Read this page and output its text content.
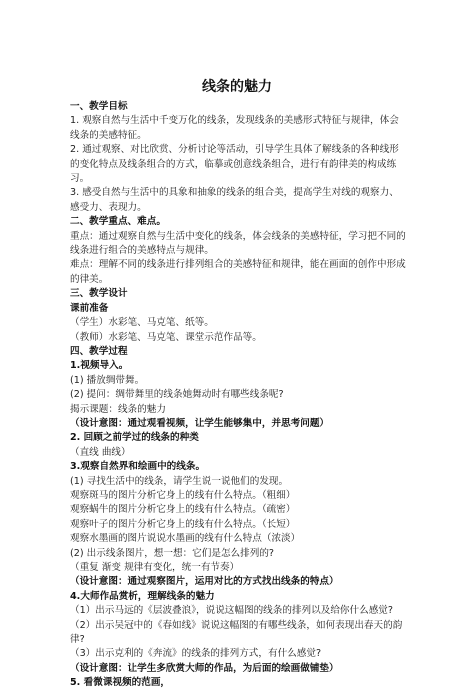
线条的魅力
一、教学目标
1. 观察自然与生活中千变万化的线条，发现线条的美感形式特征与规律，体会
线条的美感特征。
2. 通过观察、对比欣赏、分析讨论等活动，引导学生具体了解线条的各种线形
的变化特点及线条组合的方式，临摹或创意线条组合，进行有韵律美的构成练
习。
3. 感受自然与生活中的具象和抽象的线条的组合美，提高学生对线的观察力、
感受力、表现力。
二、教学重点、难点。
重点：通过观察自然与生活中变化的线条，体会线条的美感特征，学习把不同的
线条进行组合的美感特点与规律。
难点：理解不同的线条进行排列组合的美感特征和规律，能在画面的创作中形成
的律美。
三、教学设计
课前准备
（学生）水彩笔、马克笔、纸等。
（教师）水彩笔、马克笔、课堂示范作品等。
四、教学过程
1.视频导入。
(1) 播放绸带舞。
(2) 提问：绸带舞里的线条她舞动时有哪些线条呢?
揭示课题：线条的魅力
（设计意图：通过观看视频，让学生能够集中，并思考问题）
2. 回顾之前学过的线条的种类
（直线 曲线）
3.观察自然界和绘画中的线条。
(1) 寻找生活中的线条，请学生说一说他们的发现。
观察斑马的图片分析它身上的线有什么特点。（粗细）
观察蜗牛的图片分析它身上的线有什么特点。（疏密）
观察叶子的图片分析它身上的线有什么特点。（长短）
观察水墨画的图片说说水墨画的线有什么特点（浓淡）
(2) 出示线条图片，想一想：它们是怎么排列的?
（重复 渐变 规律有变化，统一有节奏）
（设计意图：通过观察图片，运用对比的方式找出线条的特点）
4.大师作品赏析，理解线条的魅力
（1）出示马远的《层波叠浪》，说说这幅图的线条的排列以及给你什么感觉?
（2）出示吴冠中的《春如线》说说这幅图的有哪些线条，如何表现出春天的韵
律?
（3）出示克利的《奔流》的线条的排列方式，有什么感觉?
（设计意图：让学生多欣赏大师的作品，为后面的绘画做铺垫）
5. 看微课视频的范画，
